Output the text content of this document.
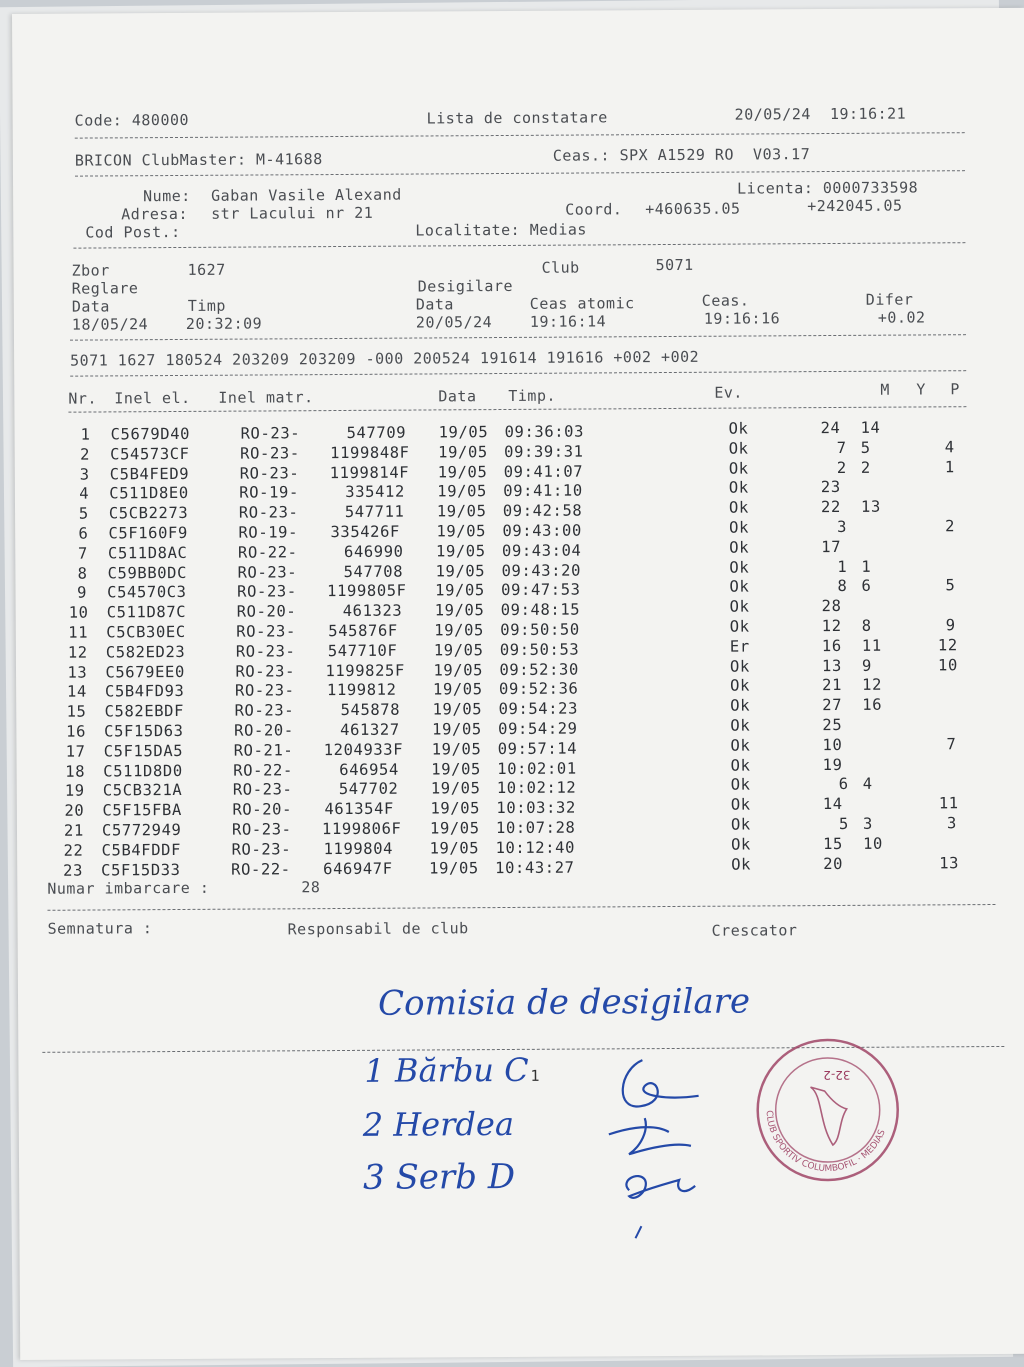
Code: 480000	Lista de constatare	20/05/24  19:16:21
BRICON ClubMaster: M-41688	Ceas.: SPX A1529 RO  V03.17
Nume: Gaban Vasile Alexand	Licenta: 0000733598
Adresa: str Lacului nr 21	Coord. +460635.05	+242045.05
Cod Post.:	Localitate: Medias
Zbor	1627	Club	5071
Reglare	Desigilare
Data	Timp	Data	Ceas atomic	Ceas.	Difer
18/05/24	20:32:09	20/05/24	19:16:14	19:16:16	+0.02
5071 1627 180524 203209 203209 -000 200524 191614 191616 +002 +002
Nr. Inel el. Inel matr.	Data Timp.	Ev.	M Y P
1 C5679D40	RO-23-	547709 19/05 09:36:03	Ok	24 14
2 C54573CF	RO-23- 1199848F 19/05 09:39:31	Ok	7 5	4
3 C5B4FED9	RO-23- 1199814F 19/05 09:41:07	Ok	2 2	1
4 C511D8E0	RO-19-	335412 19/05 09:41:10	Ok	23
5 C5CB2273	RO-23-	547711 19/05 09:42:58	Ok	22 13
6 C5F160F9	RO-19- 335426F 19/05 09:43:00	Ok	3	2
7 C511D8AC	RO-22-	646990 19/05 09:43:04	Ok	17
8 C59BB0DC	RO-23-	547708 19/05 09:43:20	Ok	1 1
9 C54570C3	RO-23- 1199805F 19/05 09:47:53	Ok	8 6	5
10 C511D87C	RO-20-	461323 19/05 09:48:15	Ok	28
11 C5CB30EC	RO-23- 545876F 19/05 09:50:50	Ok	12 8	9
12 C582ED23	RO-23- 547710F 19/05 09:50:53	Er	16 11	12
13 C5679EE0	RO-23- 1199825F 19/05 09:52:30	Ok	13 9	10
14 C5B4FD93	RO-23- 1199812 19/05 09:52:36	Ok	21 12
15 C582EBDF	RO-23-	545878 19/05 09:54:23	Ok	27 16
16 C5F15D63	RO-20-	461327 19/05 09:54:29	Ok	25
17 C5F15DA5	RO-21- 1204933F 19/05 09:57:14	Ok	10	7
18 C511D8D0	RO-22-	646954 19/05 10:02:01	Ok	19
19 C5CB321A	RO-23-	547702 19/05 10:02:12	Ok	6 4
20 C5F15FBA	RO-20- 461354F 19/05 10:03:32	Ok	14	11
21 C5772949	RO-23- 1199806F 19/05 10:07:28	Ok	5 3	3
22 C5B4FDDF	RO-23- 1199804 19/05 10:12:40	Ok	15 10
23 C5F15D33	RO-22- 646947F 19/05 10:43:27	Ok	20	13
Numar imbarcare :	28
Semnatura :	Responsabil de club	Crescator
Comisia de desigilare
1 Bărbu C 1
2 Herdea
3 Serb D
CLUB SPORTIV COLUMBOFIL · MEDIAS
32-2
